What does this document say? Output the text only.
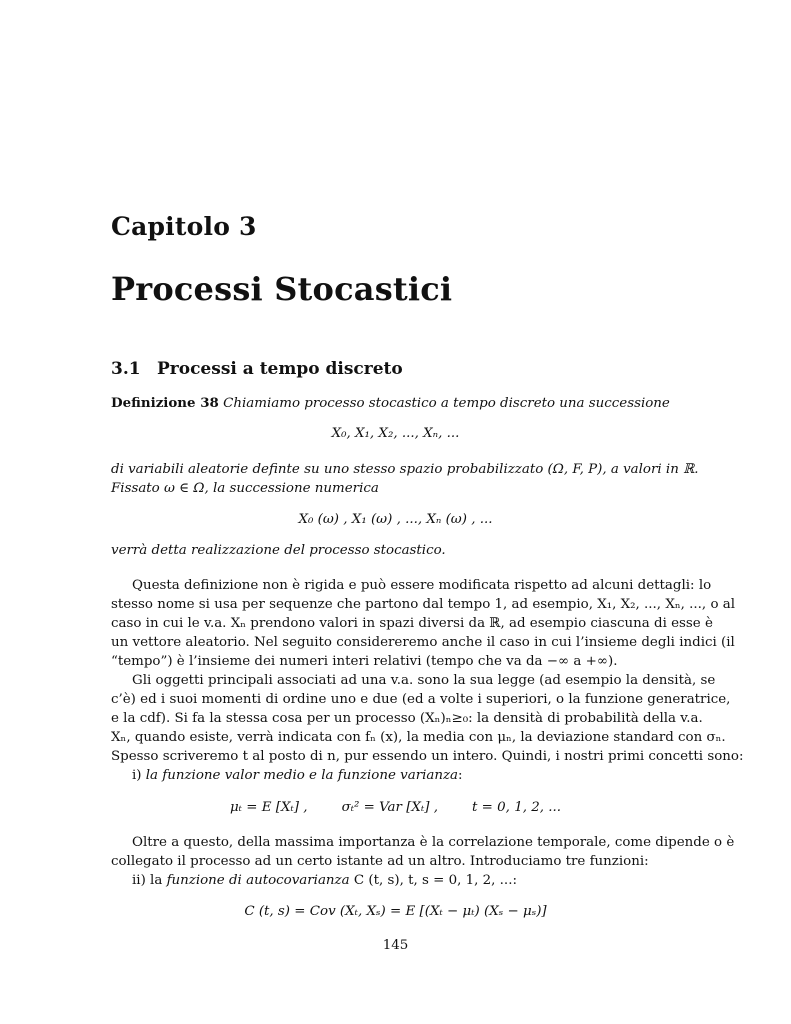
Capitolo 3
Processi Stocastici
3.1 Processi a tempo discreto
Definizione 38 Chiamiamo processo stocastico a tempo discreto una successione
X₀, X₁, X₂, ..., Xₙ, ...
di variabili aleatorie definte su uno stesso spazio probabilizzato (Ω, F, P), a valori in ℝ.
Fissato ω ∈ Ω, la successione numerica
X₀ (ω) , X₁ (ω) , ..., Xₙ (ω) , ...
verrà detta realizzazione del processo stocastico.
Questa definizione non è rigida e può essere modificata rispetto ad alcuni dettagli: lo
stesso nome si usa per sequenze che partono dal tempo 1, ad esempio, X₁, X₂, ..., Xₙ, ..., o al
caso in cui le v.a. Xₙ prendono valori in spazi diversi da ℝ, ad esempio ciascuna di esse è
un vettore aleatorio. Nel seguito considereremo anche il caso in cui l’insieme degli indici (il
“tempo”) è l’insieme dei numeri interi relativi (tempo che va da −∞ a +∞).
Gli oggetti principali associati ad una v.a. sono la sua legge (ad esempio la densità, se
c’è) ed i suoi momenti di ordine uno e due (ed a volte i superiori, o la funzione generatrice,
e la cdf). Si fa la stessa cosa per un processo (Xₙ)ₙ≥₀: la densità di probabilità della v.a.
Xₙ, quando esiste, verrà indicata con fₙ (x), la media con μₙ, la deviazione standard con σₙ.
Spesso scriveremo t al posto di n, pur essendo un intero. Quindi, i nostri primi concetti sono:
i) la funzione valor medio e la funzione varianza:
μₜ = E [Xₜ] ,        σₜ² = Var [Xₜ] ,        t = 0, 1, 2, ...
Oltre a questo, della massima importanza è la correlazione temporale, come dipende o è
collegato il processo ad un certo istante ad un altro. Introduciamo tre funzioni:
ii) la funzione di autocovarianza C (t, s), t, s = 0, 1, 2, ...:
C (t, s) = Cov (Xₜ, Xₛ) = E [(Xₜ − μₜ) (Xₛ − μₛ)]
145
